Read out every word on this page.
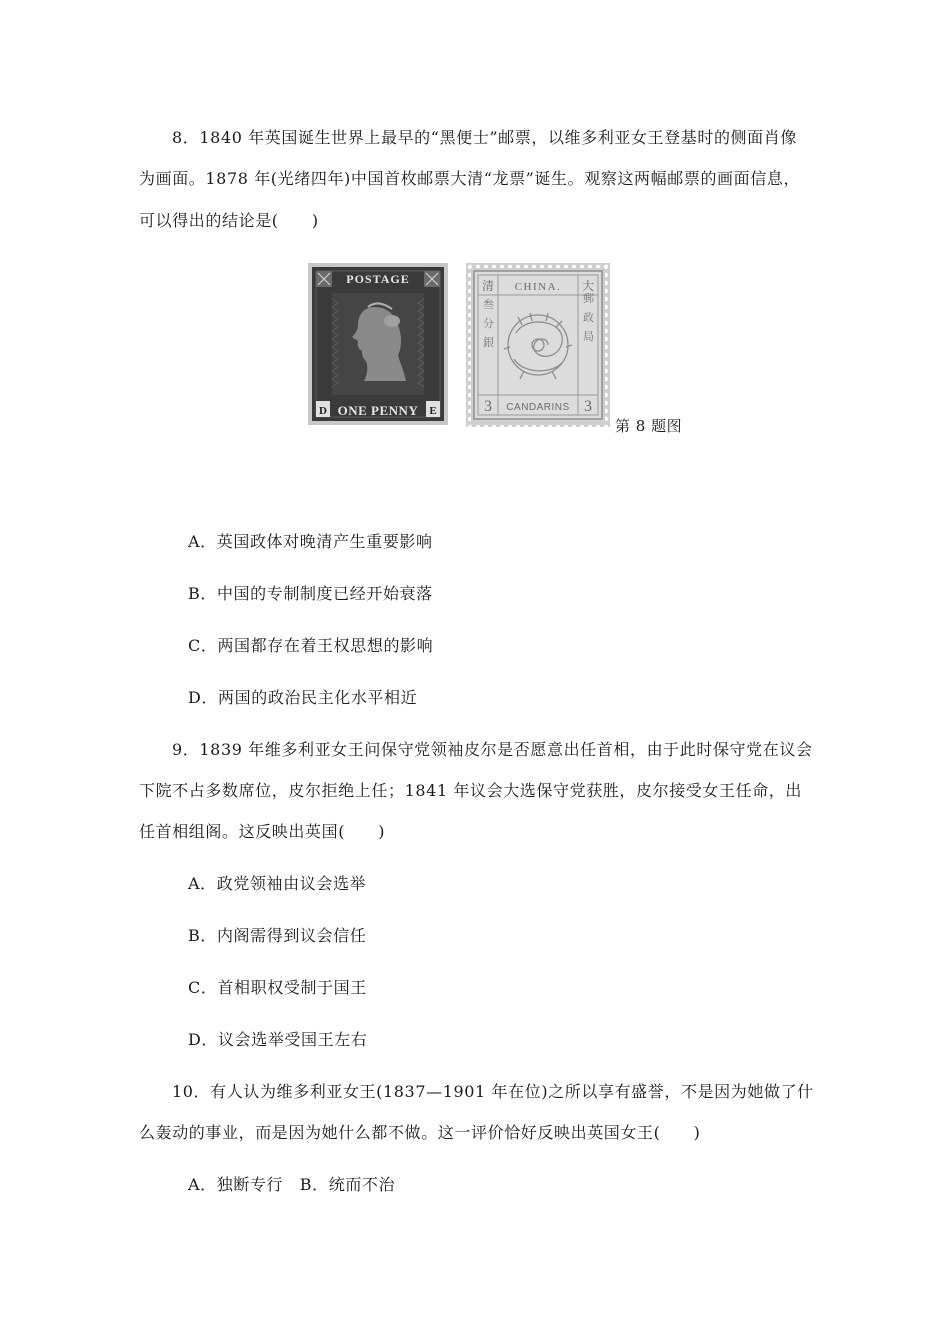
8．1840 年英国诞生世界上最早的“黑便士”邮票，以维多利亚女王登基时的侧面肖像
为画面。1878 年(光绪四年)中国首枚邮票大清“龙票”诞生。观察这两幅邮票的画面信息，
可以得出的结论是(　　)
POSTAGE
D	E
ONE PENNY
清	大
CHINA.
叁分銀	郵政局
3	3
CANDARINS
第 8 题图
A．英国政体对晚清产生重要影响
B．中国的专制制度已经开始衰落
C．两国都存在着王权思想的影响
D．两国的政治民主化水平相近
9．1839 年维多利亚女王问保守党领袖皮尔是否愿意出任首相，由于此时保守党在议会
下院不占多数席位，皮尔拒绝上任；1841 年议会大选保守党获胜，皮尔接受女王任命，出
任首相组阁。这反映出英国(　　)
A．政党领袖由议会选举
B．内阁需得到议会信任
C．首相职权受制于国王
D．议会选举受国王左右
10．有人认为维多利亚女王(1837—1901 年在位)之所以享有盛誉，不是因为她做了什
么轰动的事业，而是因为她什么都不做。这一评价恰好反映出英国女王(　　)
A．独断专行　B．统而不治
